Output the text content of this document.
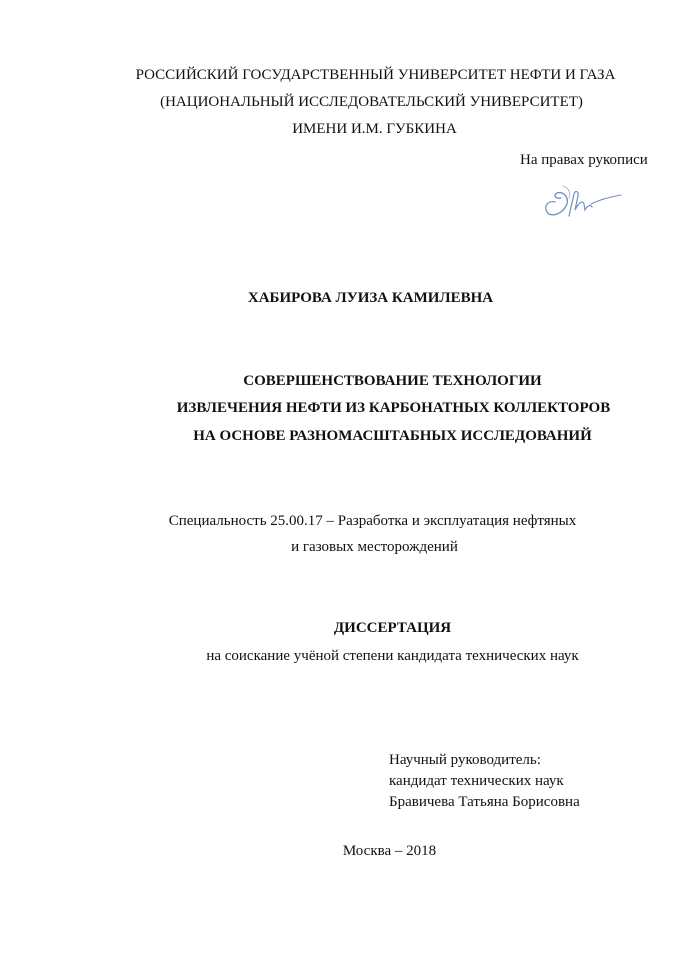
РОССИЙСКИЙ ГОСУДАРСТВЕННЫЙ УНИВЕРСИТЕТ НЕФТИ И ГАЗА
(НАЦИОНАЛЬНЫЙ ИССЛЕДОВАТЕЛЬСКИЙ УНИВЕРСИТЕТ)
ИМЕНИ И.М. ГУБКИНА
На правах рукописи
ХАБИРОВА ЛУИЗА КАМИЛЕВНА
СОВЕРШЕНСТВОВАНИЕ ТЕХНОЛОГИИ
ИЗВЛЕЧЕНИЯ НЕФТИ ИЗ КАРБОНАТНЫХ КОЛЛЕКТОРОВ
НА ОСНОВЕ РАЗНОМАСШТАБНЫХ ИССЛЕДОВАНИЙ
Специальность 25.00.17 – Разработка и эксплуатация нефтяных
и газовых месторождений
ДИССЕРТАЦИЯ
на соискание учёной степени кандидата технических наук
Научный руководитель:
кандидат технических наук
Бравичева Татьяна Борисовна
Москва – 2018
